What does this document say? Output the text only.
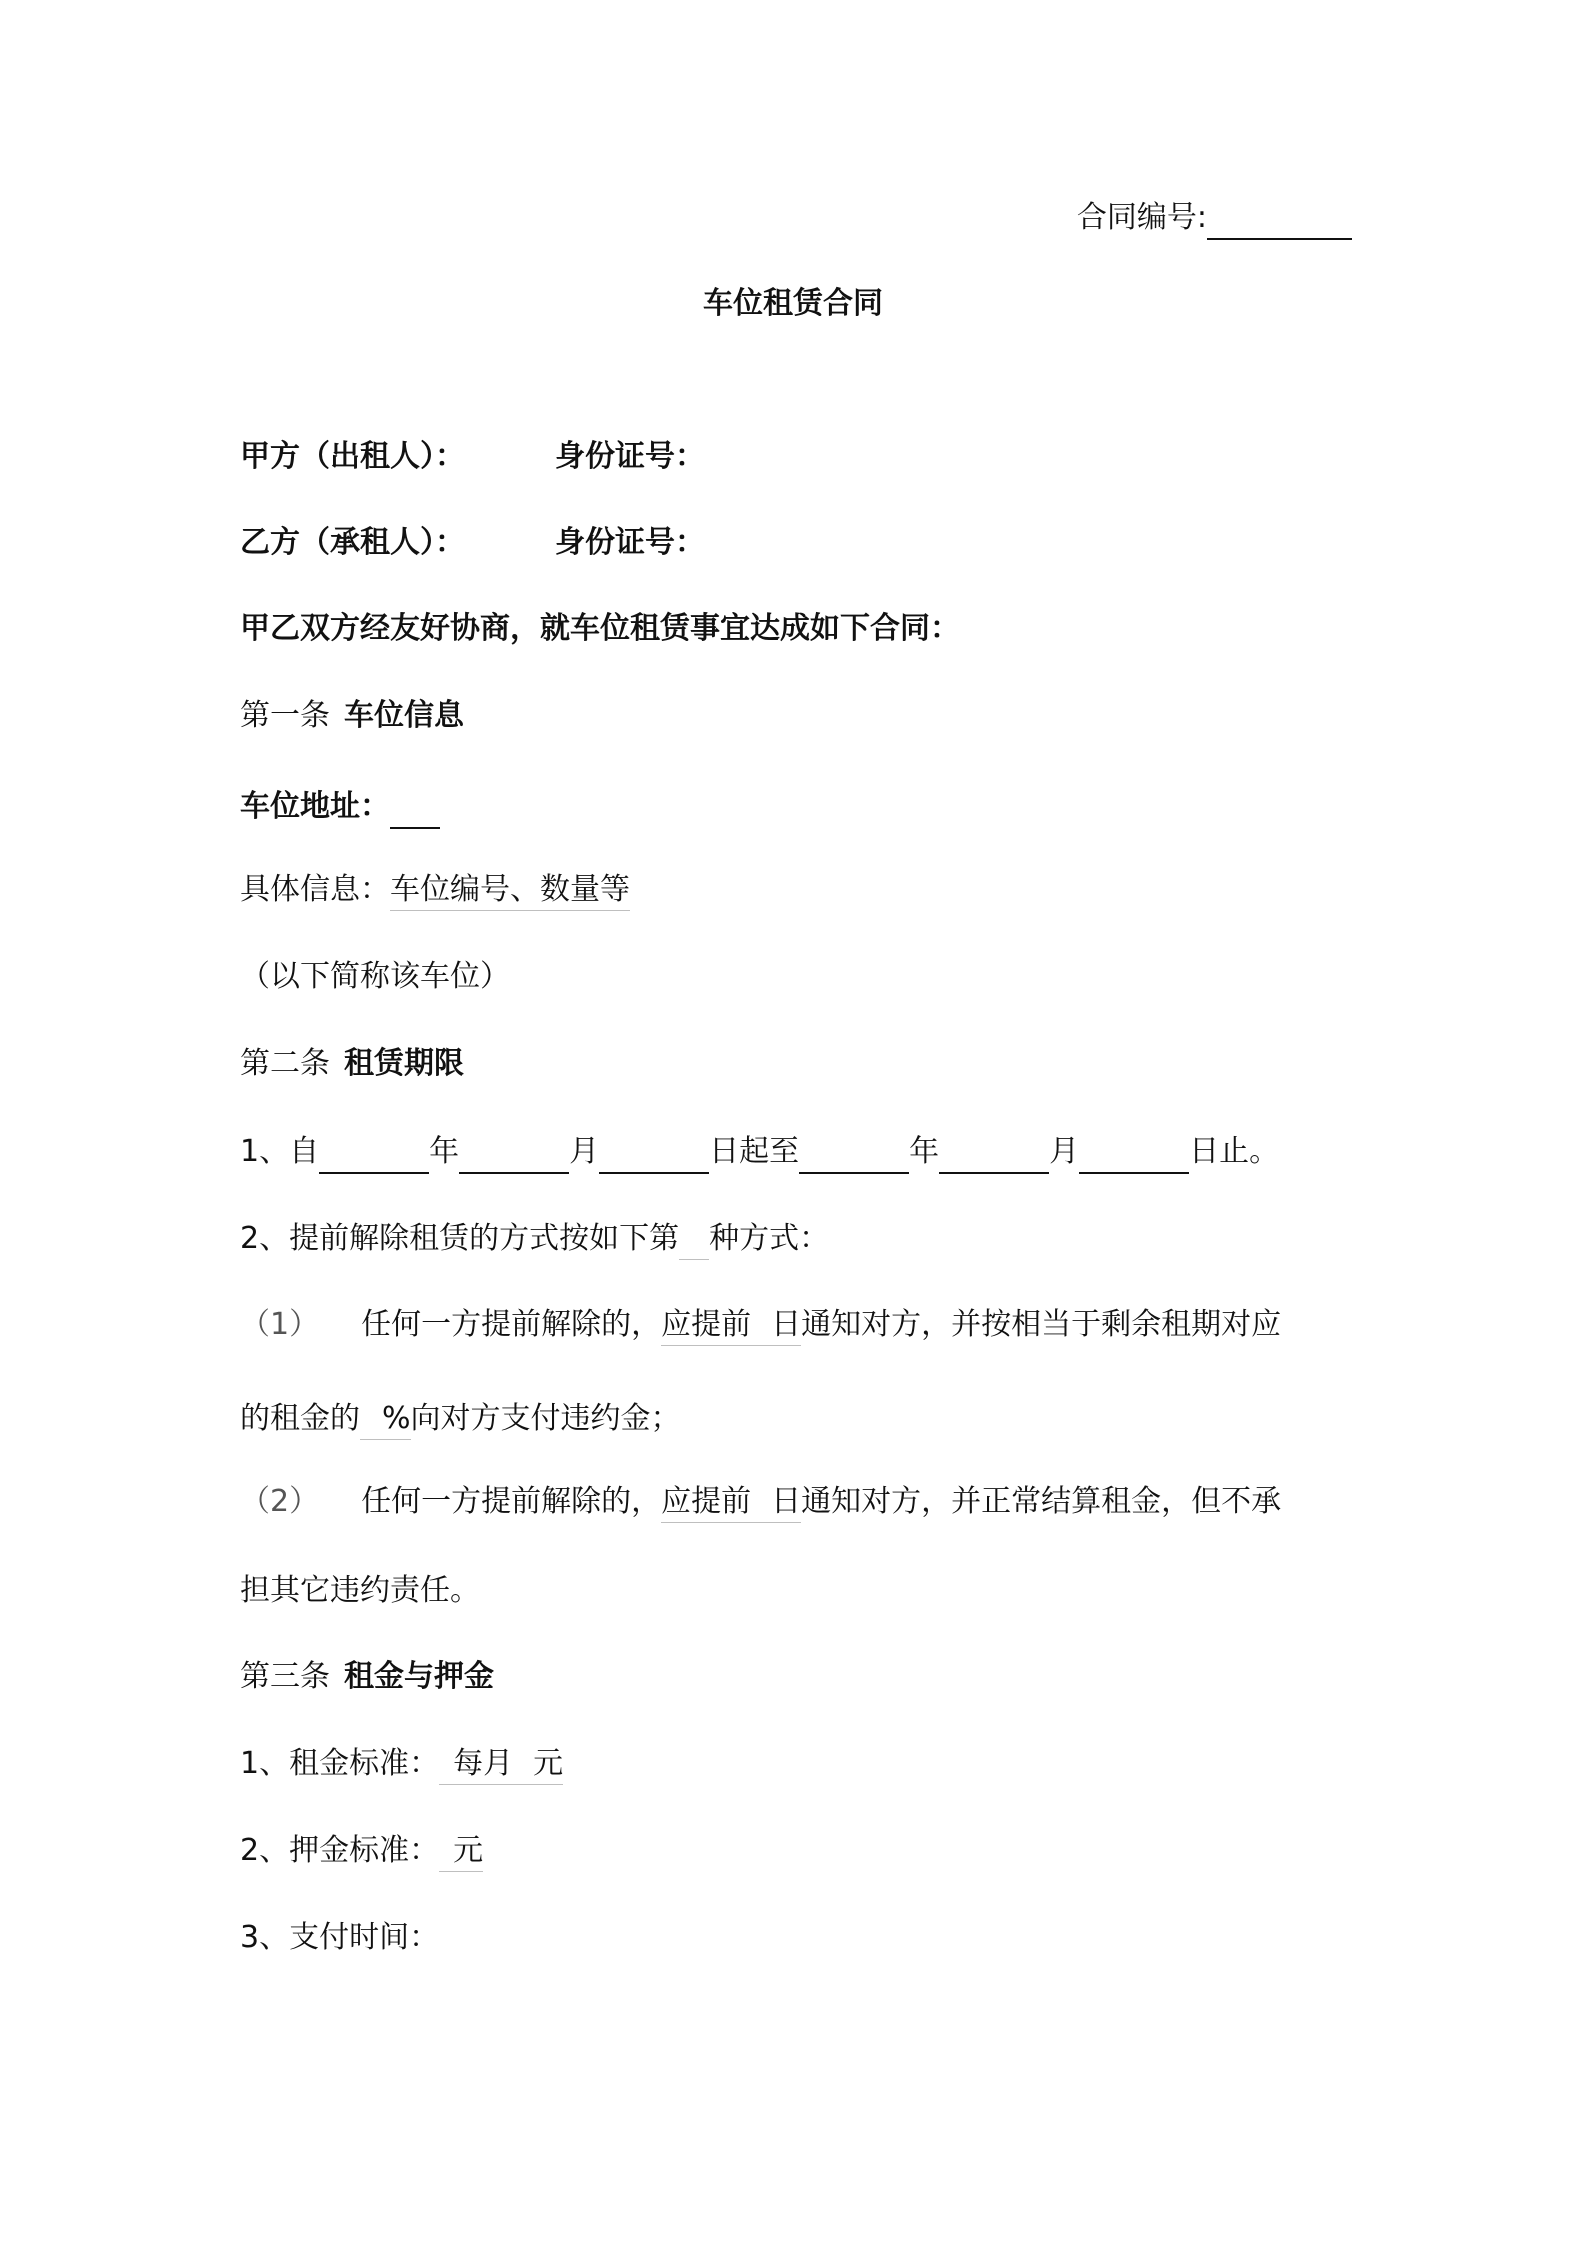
合同编号:
车位租赁合同
甲方（出租人）：	身份证号：
乙方（承租人）：	身份证号：
甲乙双方经友好协商，就车位租赁事宜达成如下合同：
第一条 车位信息
车位地址：
具体信息：车位编号、数量等
（以下简称该车位）
第二条 租赁期限
1、自	年	月	日起至	年	月	日止。
2、提前解除租赁的方式按如下第 种方式：
（1） 任何一方提前解除的，应提前 日通知对方，并按相当于剩余租期对应
的租金的 %向对方支付违约金；
（2） 任何一方提前解除的，应提前 日通知对方，并正常结算租金，但不承
担其它违约责任。
第三条 租金与押金
1、租金标准： 每月 元
2、押金标准： 元
3、支付时间：
